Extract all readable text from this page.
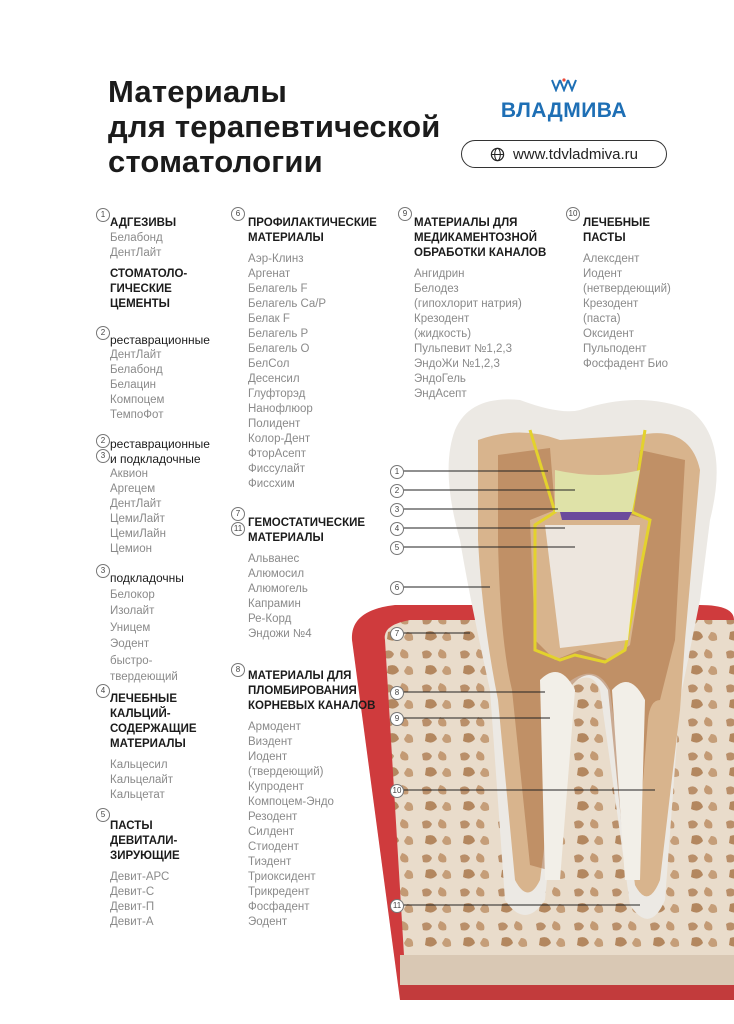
Материалы
для терапевтической
стоматологии
ВЛАДМИВА
www.tdvladmiva.ru
1
2
3
4
5
6
7
8
9
10
11
1
АДГЕЗИВЫ
Белабонд
ДентЛайт
СТОМАТОЛО-
ГИЧЕСКИЕ
ЦЕМЕНТЫ
2
реставрационные
ДентЛайт
Белабонд
Белацин
Компоцем
ТемпоФот
2
3
реставрационные
и подкладочные
Аквион
Аргецем
ДентЛайт
ЦемиЛайт
ЦемиЛайн
Цемион
3
подкладочны
Белокор
Изолайт
Уницем
Эодент
быстро-
твердеющий
4
ЛЕЧЕБНЫЕ
КАЛЬЦИЙ-
СОДЕРЖАЩИЕ
МАТЕРИАЛЫ
Кальцесил
Кальцелайт
Кальцетат
5
ПАСТЫ
ДЕВИТАЛИ-
ЗИРУЮЩИЕ
Девит-АРС
Девит-С
Девит-П
Девит-А
6
ПРОФИЛАКТИЧЕСКИЕ
МАТЕРИАЛЫ
Аэр-Клинз
Аргенат
Белагель F
Белагель Ca/P
Белак F
Белагель Р
Белагель О
БелСол
Десенсил
Глуфторэд
Нанофлюор
Полидент
Колор-Дент
ФторАсепт
Фиссулайт
Фиссхим
7
11 ГЕМОСТАТИЧЕСКИЕ
МАТЕРИАЛЫ
Альванес
Алюмосил
Алюмогель
Капрамин
Ре-Корд
Эндожи №4
8
МАТЕРИАЛЫ ДЛЯ
ПЛОМБИРОВАНИЯ
КОРНЕВЫХ КАНАЛОВ
Армодент
Виэдент
Иодент
(твердеющий)
Купродент
Компоцем-Эндо
Резодент
Силдент
Стиодент
Тиэдент
Триоксидент
Трикредент
Фосфадент
Эодент
9
МАТЕРИАЛЫ ДЛЯ
МЕДИКАМЕНТОЗНОЙ
ОБРАБОТКИ КАНАЛОВ
Ангидрин
Белодез
(гипохлорит натрия)
Крезодент
(жидкость)
Пульпевит №1,2,3
ЭндоЖи №1,2,3
ЭндоГель
ЭндАсепт
10
ЛЕЧЕБНЫЕ
ПАСТЫ
Алексдент
Иодент
(нетвердеющий)
Крезодент
(паста)
Оксидент
Пульподент
Фосфадент Био
